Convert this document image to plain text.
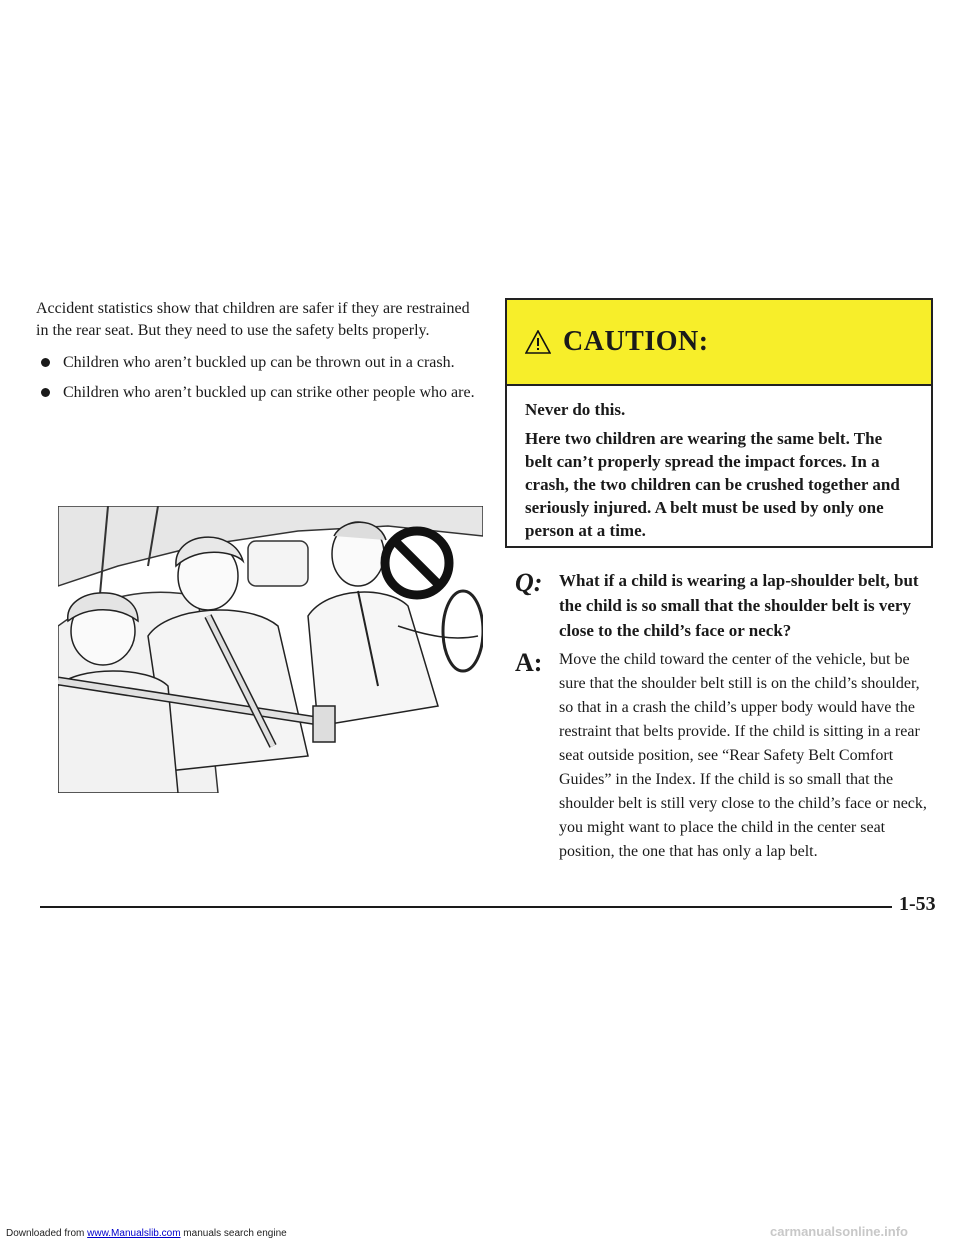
Accident statistics show that children are safer if they are restrained in the rear seat. But they need to use the safety belts properly.

Children who aren’t buckled up can be thrown out in a crash.
Children who aren’t buckled up can strike other people who are.
CAUTION:

Never do this.

Here two children are wearing the same belt. The belt can’t properly spread the impact forces. In a crash, the two children can be crushed together and seriously injured. A belt must be used by only one person at a time.

Q: What if a child is wearing a lap-shoulder belt, but the child is so small that the shoulder belt is very close to the child’s face or neck?
A: Move the child toward the center of the vehicle, but be sure that the shoulder belt still is on the child’s shoulder, so that in a crash the child’s upper body would have the restraint that belts provide. If the child is sitting in a rear seat outside position, see “Rear Safety Belt Comfort Guides” in the Index. If the child is so small that the shoulder belt is still very close to the child’s face or neck, you might want to place the child in the center seat position, the one that has only a lap belt.
1-53
Downloaded from www.Manualslib.com manuals search engine	carmanualsonline.info
